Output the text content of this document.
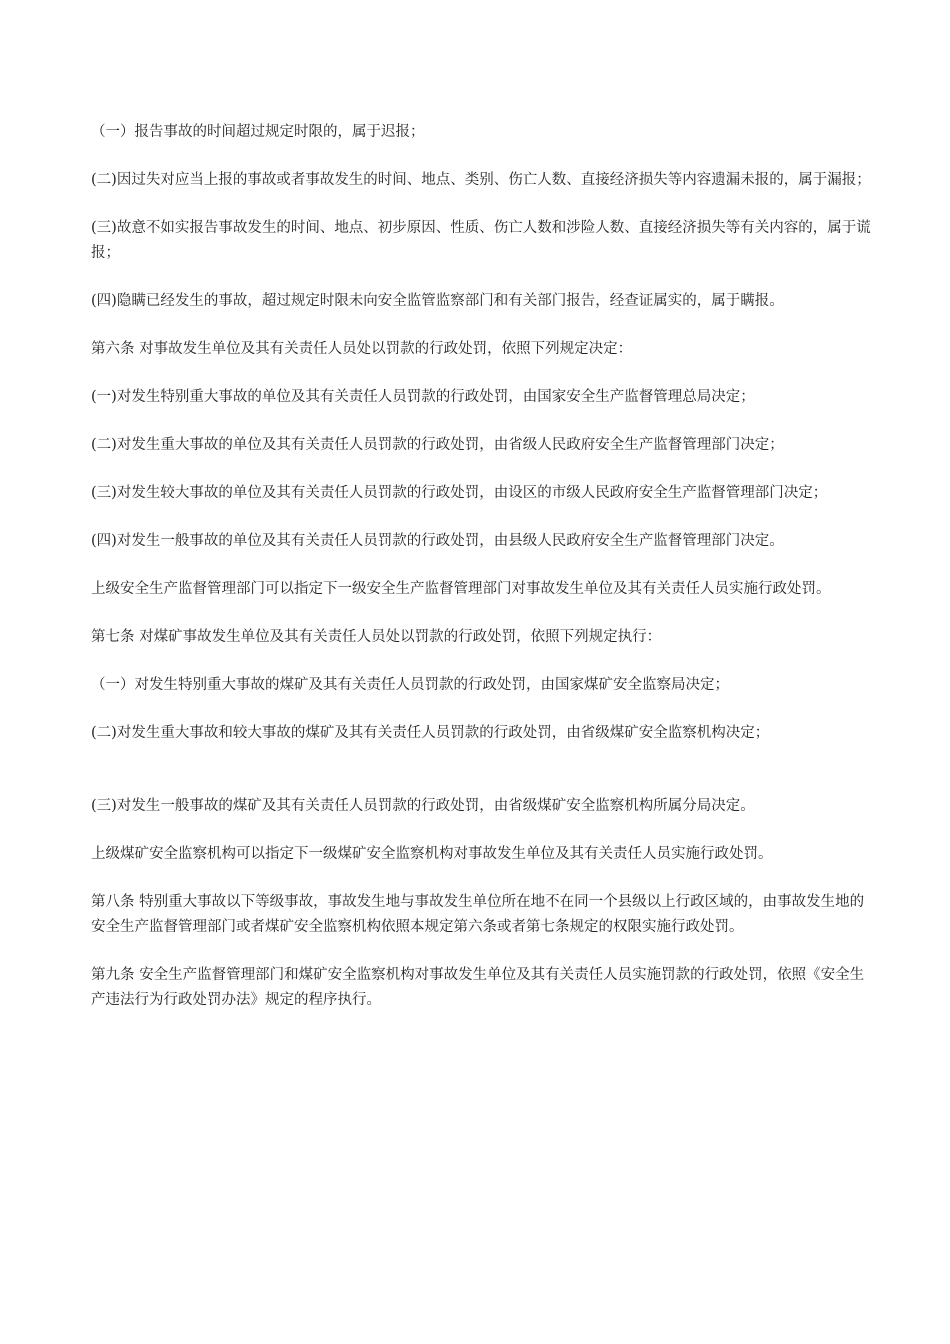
（一）报告事故的时间超过规定时限的，属于迟报；

(二)因过失对应当上报的事故或者事故发生的时间、地点、类别、伤亡人数、直接经济损失等内容遗漏未报的，属于漏报；

(三)故意不如实报告事故发生的时间、地点、初步原因、性质、伤亡人数和涉险人数、直接经济损失等有关内容的，属于谎报；

(四)隐瞒已经发生的事故，超过规定时限未向安全监管监察部门和有关部门报告，经查证属实的，属于瞒报。

第六条 对事故发生单位及其有关责任人员处以罚款的行政处罚，依照下列规定决定：

(一)对发生特别重大事故的单位及其有关责任人员罚款的行政处罚，由国家安全生产监督管理总局决定；

(二)对发生重大事故的单位及其有关责任人员罚款的行政处罚，由省级人民政府安全生产监督管理部门决定；

(三)对发生较大事故的单位及其有关责任人员罚款的行政处罚，由设区的市级人民政府安全生产监督管理部门决定；

(四)对发生一般事故的单位及其有关责任人员罚款的行政处罚，由县级人民政府安全生产监督管理部门决定。

上级安全生产监督管理部门可以指定下一级安全生产监督管理部门对事故发生单位及其有关责任人员实施行政处罚。

第七条 对煤矿事故发生单位及其有关责任人员处以罚款的行政处罚，依照下列规定执行：

（一）对发生特别重大事故的煤矿及其有关责任人员罚款的行政处罚，由国家煤矿安全监察局决定；

(二)对发生重大事故和较大事故的煤矿及其有关责任人员罚款的行政处罚，由省级煤矿安全监察机构决定；

(三)对发生一般事故的煤矿及其有关责任人员罚款的行政处罚，由省级煤矿安全监察机构所属分局决定。

上级煤矿安全监察机构可以指定下一级煤矿安全监察机构对事故发生单位及其有关责任人员实施行政处罚。

第八条 特别重大事故以下等级事故，事故发生地与事故发生单位所在地不在同一个县级以上行政区域的，由事故发生地的安全生产监督管理部门或者煤矿安全监察机构依照本规定第六条或者第七条规定的权限实施行政处罚。

第九条 安全生产监督管理部门和煤矿安全监察机构对事故发生单位及其有关责任人员实施罚款的行政处罚，依照《安全生产违法行为行政处罚办法》规定的程序执行。
